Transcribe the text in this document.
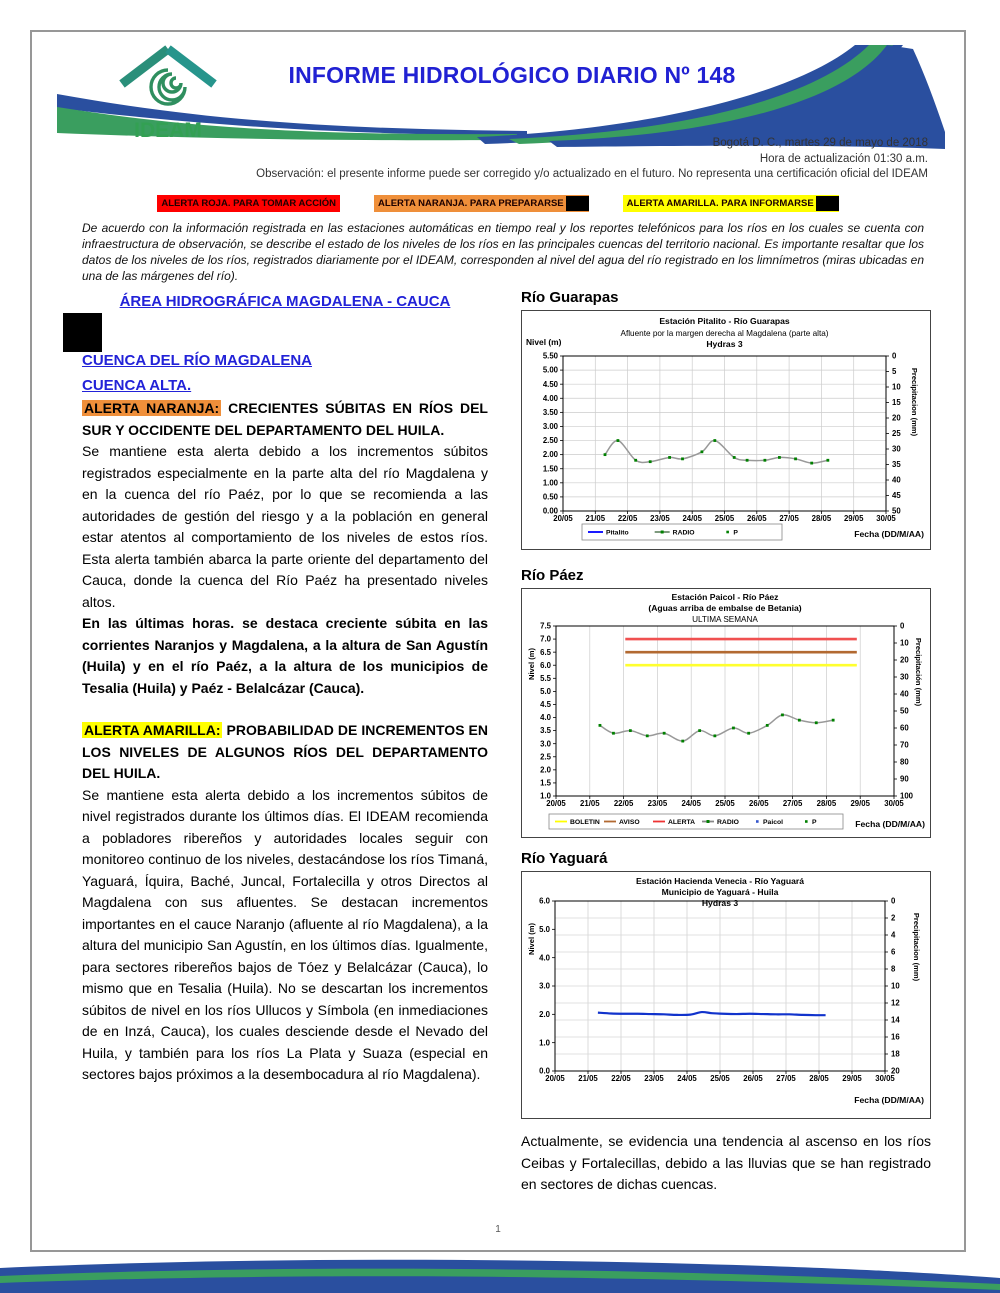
IDEAM
INFORME HIDROLÓGICO DIARIO Nº 148
Bogotá D. C., martes 29 de mayo de 2018
Hora de actualización 01:30 a.m.
Observación: el presente informe puede ser corregido y/o actualizado en el futuro. No representa una certificación oficial del IDEAM
ALERTA ROJA. PARA TOMAR ACCIÓN	ALERTA NARANJA. PARA PREPARARSE	ALERTA AMARILLA. PARA INFORMARSE
De acuerdo con la información registrada en las estaciones automáticas en tiempo real y los reportes telefónicos para los ríos en los cuales se cuenta con infraestructura de observación, se describe el estado de los niveles de los ríos en las principales cuencas del territorio nacional. Es importante resaltar que los datos de los niveles de los ríos, registrados diariamente por el IDEAM, corresponden al nivel del agua del río registrado en los limnímetros (miras ubicadas en una de las márgenes del río).
ÁREA HIDROGRÁFICA MAGDALENA - CAUCA
CUENCA DEL RÍO MAGDALENA
CUENCA ALTA.

ALERTA NARANJA: CRECIENTES SÚBITAS EN RÍOS DEL SUR Y OCCIDENTE DEL DEPARTAMENTO DEL HUILA.

Se mantiene esta alerta debido a los incrementos súbitos registrados especialmente en la parte alta del río Magdalena y en la cuenca del río Paéz, por lo que se recomienda a las autoridades de gestión del riesgo y a la población en general estar atentos al comportamiento de los niveles de estos ríos. Esta alerta también abarca la parte oriente del departamento del Cauca, donde la cuenca del Río Paéz ha presentado niveles altos.

En las últimas horas. se destaca creciente súbita en las corrientes Naranjos y Magdalena, a la altura de San Agustín (Huila) y en el río Paéz, a la altura de los municipios de Tesalia (Huila) y Paéz - Belalcázar (Cauca).

ALERTA AMARILLA: PROBABILIDAD DE INCREMENTOS EN LOS NIVELES DE ALGUNOS RÍOS DEL DEPARTAMENTO DEL HUILA.

Se mantiene esta alerta debido a los incrementos súbitos de nivel registrados durante los últimos días. El IDEAM recomienda a pobladores ribereños y autoridades locales seguir con monitoreo continuo de los niveles, destacándose los ríos Timaná, Yaguará, Íquira, Baché, Juncal, Fortalecilla y otros Directos al Magdalena con sus afluentes. Se destacan incrementos importantes en el cauce Naranjo (afluente al río Magdalena), a la altura del municipio San Agustín, en los últimos días. Igualmente, para sectores ribereños bajos de Tóez y Belalcázar (Cauca), lo mismo que en Tesalia (Huila). No se descartan los incrementos súbitos de nivel en los ríos Ullucos y Símbola (en inmediaciones de en Inzá, Cauca), los cuales desciende desde el Nevado del Huila, y también para los ríos La Plata y Suaza (especial en sectores bajos próximos a la desembocadura al río Magdalena).

Río Guarapas
20/05 21/05 22/05 23/05 24/05 25/05 26/05 27/05 28/05 29/05 30/05
5.50
5.00
4.50
4.00
3.50
3.00
2.50
2.00
1.50
1.00
0.50
0.00
0
5
10
15
20
25
30
35
40
45
50
Estación Pitalito - Río Guarapas
Afluente por la margen derecha al Magdalena (parte alta)
Hydras 3
Nivel (m)
Precipitacion (mm)
Fecha (DD/M/AA)
Pitalito	RADIO	P
Río Páez
20/05 21/05 22/05 23/05 24/05 25/05 26/05 27/05 28/05 29/05 30/05
7.5
7.0
6.5
6.0
5.5
5.0
4.5
4.0
3.5
3.0
2.5
2.0
1.5
1.0
0
10
20
30
40
50
60
70
80
90
100
Estación Paicol - Río Páez
(Aguas arriba de embalse de Betania)
ULTIMA SEMANA
Nivel (m)	Precipitación (mm)
Fecha (DD/M/AA)
BOLETIN	AVISO	ALERTA	RADIO	Paicol	P
Río Yaguará
20/05 21/05 22/05 23/05 24/05 25/05 26/05 27/05 28/05 29/05 30/05
6.0
5.0
4.0
3.0
2.0
1.0
0.0
0
2
4
6
8
10
12
14
16
18
20
Estación Hacienda Venecia - Río Yaguará
Municipio de Yaguará - Huila
Hydras 3
Nivel (m)	Precipitacion (mm)
Fecha (DD/M/AA)

Actualmente, se evidencia una tendencia al ascenso en los ríos Ceibas y Fortalecillas, debido a las lluvias que se han registrado en sectores de dichas cuencas.

1
